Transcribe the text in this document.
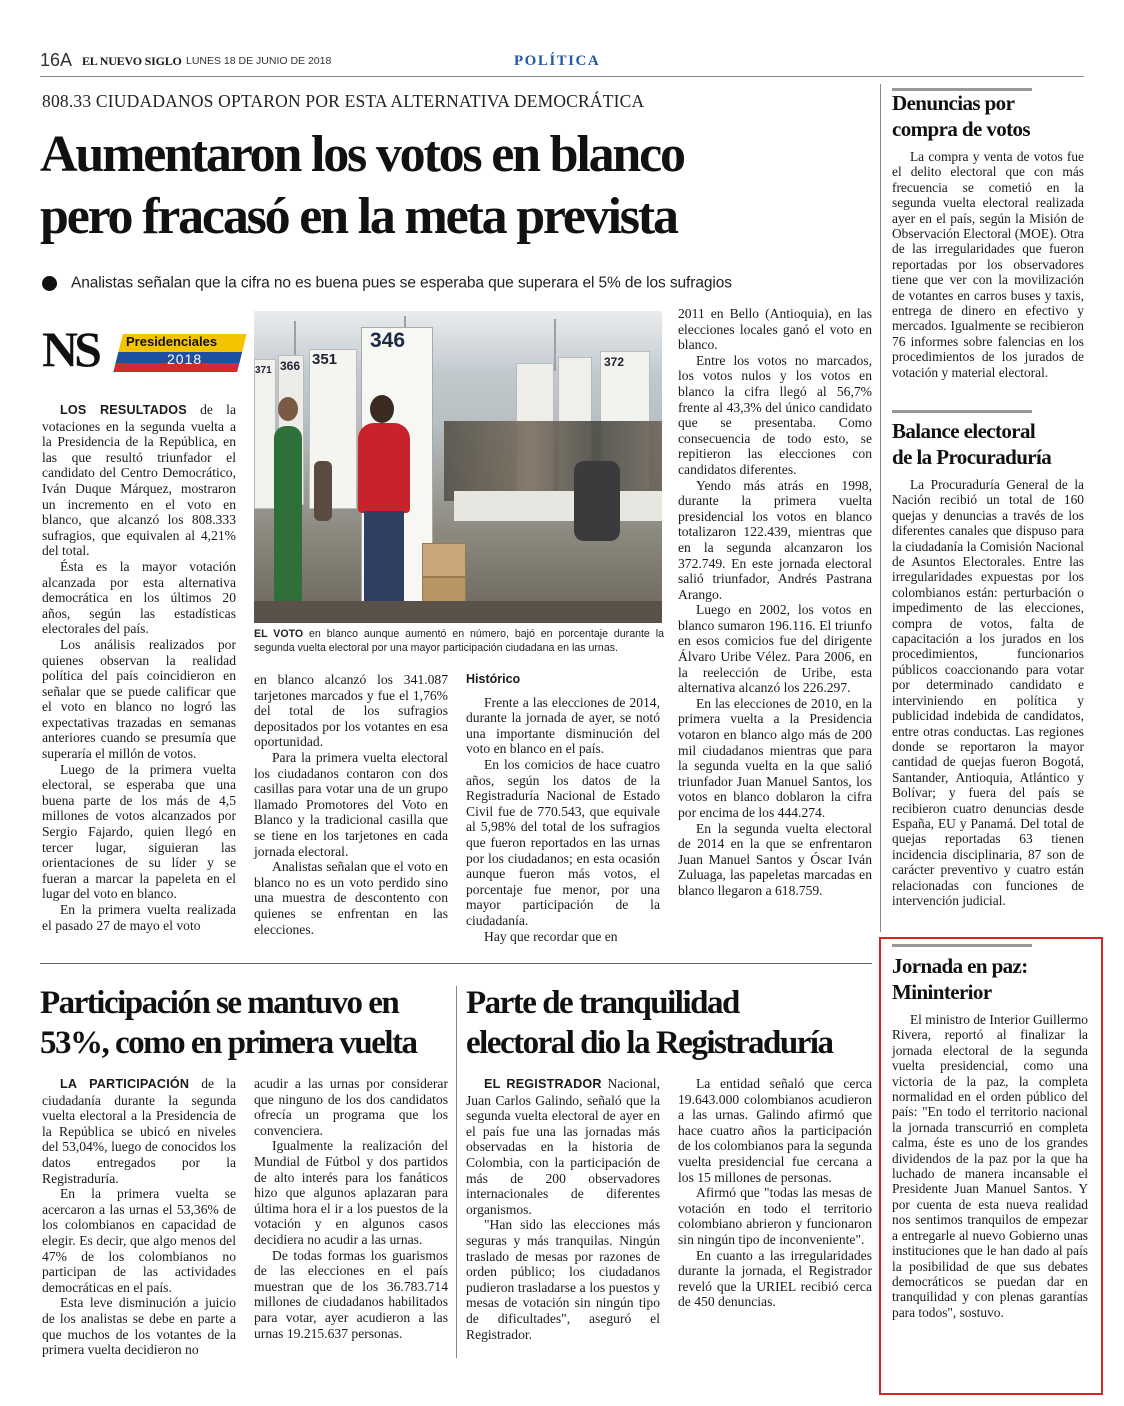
16A EL NUEVO SIGLO LUNES 18 DE JUNIO DE 2018	POLÍTICA
808.33 CIUDADANOS OPTARON POR ESTA ALTERNATIVA DEMOCRÁTICA
Aumentaron los votos en blanco
pero fracasó en la meta prevista
Analistas señalan que la cifra no es buena pues se esperaba que superara el 5% de los sufragios
NS Presidenciales
2018

LOS RESULTADOS de la votaciones en la segunda vuelta a la Presidencia de la República, en las que resultó triunfador el candidato del Centro Democrático, Iván Duque Márquez, mostraron un incremento en el voto en blanco, que alcanzó los 808.333 sufragios, que equivalen al 4,21% del total.

Ésta es la mayor votación alcanzada por esta alternativa democrática en los últimos 20 años, según las estadísticas electorales del país.

Los análisis realizados por quienes observan la realidad política del país coincidieron en señalar que se puede calificar que el voto en blanco no logró las expectativas trazadas en semanas anteriores cuando se presumía que superaría el millón de votos.

Luego de la primera vuelta electoral, se esperaba que una buena parte de los más de 4,5 millones de votos alcanzados por Sergio Fajardo, quien llegó en tercer lugar, siguieran las orientaciones de su líder y se fueran a marcar la papeleta en el lugar del voto en blanco.

En la primera vuelta realizada el pasado 27 de mayo el voto

371 366 351
346
372
EL VOTO en blanco aunque aumentó en número, bajó en porcentaje durante la segunda vuelta electoral por una mayor participación ciudadana en las urnas.

en blanco alcanzó los 341.087 tarjetones marcados y fue el 1,76% del total de los sufragios depositados por los votantes en esa oportunidad.

Para la primera vuelta electoral los ciudadanos contaron con dos casillas para votar una de un grupo llamado Promotores del Voto en Blanco y la tradicional casilla que se tiene en los tarjetones en cada jornada electoral.

Analistas señalan que el voto en blanco no es un voto perdido sino una muestra de descontento con quienes se enfrentan en las elecciones.

Histórico

Frente a las elecciones de 2014, durante la jornada de ayer, se notó una importante disminución del voto en blanco en el país.

En los comicios de hace cuatro años, según los datos de la Registraduría Nacional de Estado Civil fue de 770.543, que equivale al 5,98% del total de los sufragios que fueron reportados en las urnas por los ciudadanos; en esta ocasión aunque fueron más votos, el porcentaje fue menor, por una mayor participación de la ciudadanía.

Hay que recordar que en

2011 en Bello (Antioquia), en las elecciones locales ganó el voto en blanco.

Entre los votos no marcados, los votos nulos y los votos en blanco la cifra llegó al 56,7% frente al 43,3% del único candidato que se presentaba. Como consecuencia de todo esto, se repitieron las elecciones con candidatos diferentes.

Yendo más atrás en 1998, durante la primera vuelta presidencial los votos en blanco totalizaron 122.439, mientras que en la segunda alcanzaron los 372.749. En este jornada electoral salió triunfador, Andrés Pastrana Arango.

Luego en 2002, los votos en blanco sumaron 196.116. El triunfo en esos comicios fue del dirigente Álvaro Uribe Vélez. Para 2006, en la reelección de Uribe, esta alternativa alcanzó los 226.297.

En las elecciones de 2010, en la primera vuelta a la Presidencia votaron en blanco algo más de 200 mil ciudadanos mientras que para la segunda vuelta en la que salió triunfador Juan Manuel Santos, los votos en blanco doblaron la cifra por encima de los 444.274.

En la segunda vuelta electoral de 2014 en la que se enfrentaron Juan Manuel Santos y Óscar Iván Zuluaga, las papeletas marcadas en blanco llegaron a 618.759.

Participación se mantuvo en
53%, como en primera vuelta

LA PARTICIPACIÓN de la ciudadanía durante la segunda vuelta electoral a la Presidencia de la República se ubicó en niveles del 53,04%, luego de conocidos los datos entregados por la Registraduría.

En la primera vuelta se acercaron a las urnas el 53,36% de los colombianos en capacidad de elegir. Es decir, que algo menos del 47% de los colombianos no participan de las actividades democráticas en el país.

Esta leve disminución a juicio de los analistas se debe en parte a que muchos de los votantes de la primera vuelta decidieron no

acudir a las urnas por considerar que ninguno de los dos candidatos ofrecía un programa que los convenciera.

Igualmente la realización del Mundial de Fútbol y dos partidos de alto interés para los fanáticos hizo que algunos aplazaran para última hora el ir a los puestos de la votación y en algunos casos decidiera no acudir a las urnas.

De todas formas los guarismos de las elecciones en el país muestran que de los 36.783.714 millones de ciudadanos habilitados para votar, ayer acudieron a las urnas 19.215.637 personas.

Parte de tranquilidad
electoral dio la Registraduría

EL REGISTRADOR Nacional, Juan Carlos Galindo, señaló que la segunda vuelta electoral de ayer en el país fue una las jornadas más observadas en la historia de Colombia, con la participación de más de 200 observadores internacionales de diferentes organismos.

"Han sido las elecciones más seguras y más tranquilas. Ningún traslado de mesas por razones de orden público; los ciudadanos pudieron trasladarse a los puestos y mesas de votación sin ningún tipo de dificultades", aseguró el Registrador.

La entidad señaló que cerca 19.643.000 colombianos acudieron a las urnas. Galindo afirmó que hace cuatro años la participación de los colombianos para la segunda vuelta presidencial fue cercana a los 15 millones de personas.

Afirmó que "todas las mesas de votación en todo el territorio colombiano abrieron y funcionaron sin ningún tipo de inconveniente".

En cuanto a las irregularidades durante la jornada, el Registrador reveló que la URIEL recibió cerca de 450 denuncias.

Denuncias por
compra de votos

La compra y venta de votos fue el delito electoral que con más frecuencia se cometió en la segunda vuelta electoral realizada ayer en el país, según la Misión de Observación Electoral (MOE). Otra de las irregularidades que fueron reportadas por los observadores tiene que ver con la movilización de votantes en carros buses y taxis, entrega de dinero en efectivo y mercados. Igualmente se recibieron 76 informes sobre falencias en los procedimientos de los jurados de votación y material electoral.

Balance electoral
de la Procuraduría

La Procuraduría General de la Nación recibió un total de 160 quejas y denuncias a través de los diferentes canales que dispuso para la ciudadanía la Comisión Nacional de Asuntos Electorales. Entre las irregularidades expuestas por los colombianos están: perturbación o impedimento de las elecciones, compra de votos, falta de capacitación a los jurados en los procedimientos, funcionarios públicos coaccionando para votar por determinado candidato e interviniendo en política y publicidad indebida de candidatos, entre otras conductas. Las regiones donde se reportaron la mayor cantidad de quejas fueron Bogotá, Santander, Antioquia, Atlántico y Bolívar; y fuera del país se recibieron cuatro denuncias desde España, EU y Panamá. Del total de quejas reportadas 63 tienen incidencia disciplinaria, 87 son de carácter preventivo y cuatro están relacionadas con funciones de intervención judicial.

Jornada en paz:
Mininterior

El ministro de Interior Guillermo Rivera, reportó al finalizar la jornada electoral de la segunda vuelta presidencial, como una victoria de la paz, la completa normalidad en el orden público del país: "En todo el territorio nacional la jornada transcurrió en completa calma, éste es uno de los grandes dividendos de la paz por la que ha luchado de manera incansable el Presidente Juan Manuel Santos. Y por cuenta de esta nueva realidad nos sentimos tranquilos de empezar a entregarle al nuevo Gobierno unas instituciones que le han dado al país la posibilidad de que sus debates democráticos se puedan dar en tranquilidad y con plenas garantías para todos", sostuvo.
